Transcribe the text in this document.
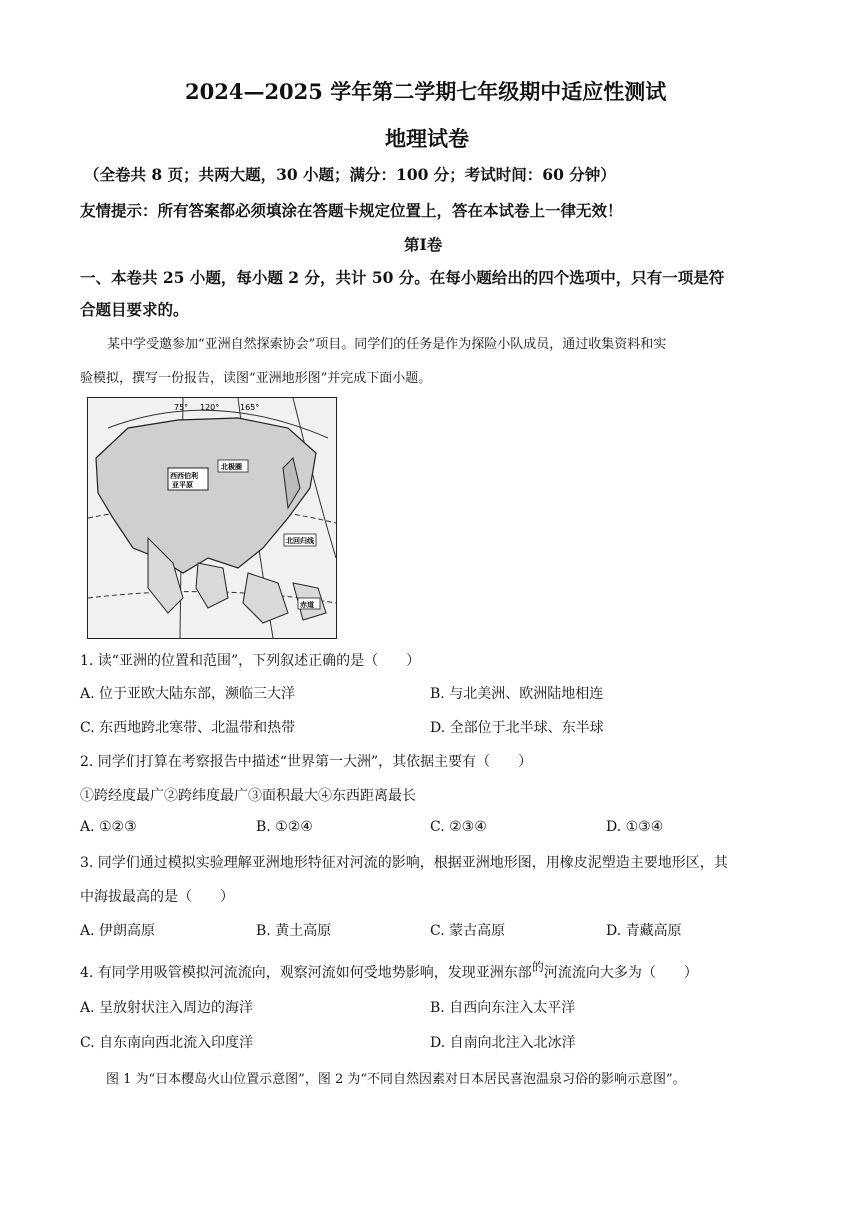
2024—2025 学年第二学期七年级期中适应性测试
地理试卷
（全卷共 8 页；共两大题，30 小题；满分：100 分；考试时间：60 分钟）
友情提示：所有答案都必须填涂在答题卡规定位置上，答在本试卷上一律无效！
第Ⅰ卷
一、本卷共 25 小题，每小题 2 分，共计 50 分。在每小题给出的四个选项中，只有一项是符
合题目要求的。
某中学受邀参加“亚洲自然探索协会”项目。同学们的任务是作为探险小队成员，通过收集资料和实
验模拟，撰写一份报告，读图“亚洲地形图”并完成下面小题。
75° 120°	165°
北极圈
西西伯利
亚平原
北回归线
赤道
1. 读“亚洲的位置和范围”，下列叙述正确的是（　　）
A. 位于亚欧大陆东部，濒临三大洋	B. 与北美洲、欧洲陆地相连
C. 东西地跨北寒带、北温带和热带	D. 全部位于北半球、东半球
2. 同学们打算在考察报告中描述“世界第一大洲”，其依据主要有（　　）
①跨经度最广②跨纬度最广③面积最大④东西距离最长
A. ①②③	B. ①②④	C. ②③④	D. ①③④
3. 同学们通过模拟实验理解亚洲地形特征对河流的影响，根据亚洲地形图，用橡皮泥塑造主要地形区，其
中海拔最高的是（　　）
A. 伊朗高原	B. 黄土高原	C. 蒙古高原	D. 青藏高原
4. 有同学用吸管模拟河流流向，观察河流如何受地势影响，发现亚洲东部的河流流向大多为（　　）
A. 呈放射状注入周边的海洋	B. 自西向东注入太平洋
C. 自东南向西北流入印度洋	D. 自南向北注入北冰洋
图 1 为“日本樱岛火山位置示意图”，图 2 为“不同自然因素对日本居民喜泡温泉习俗的影响示意图”。
